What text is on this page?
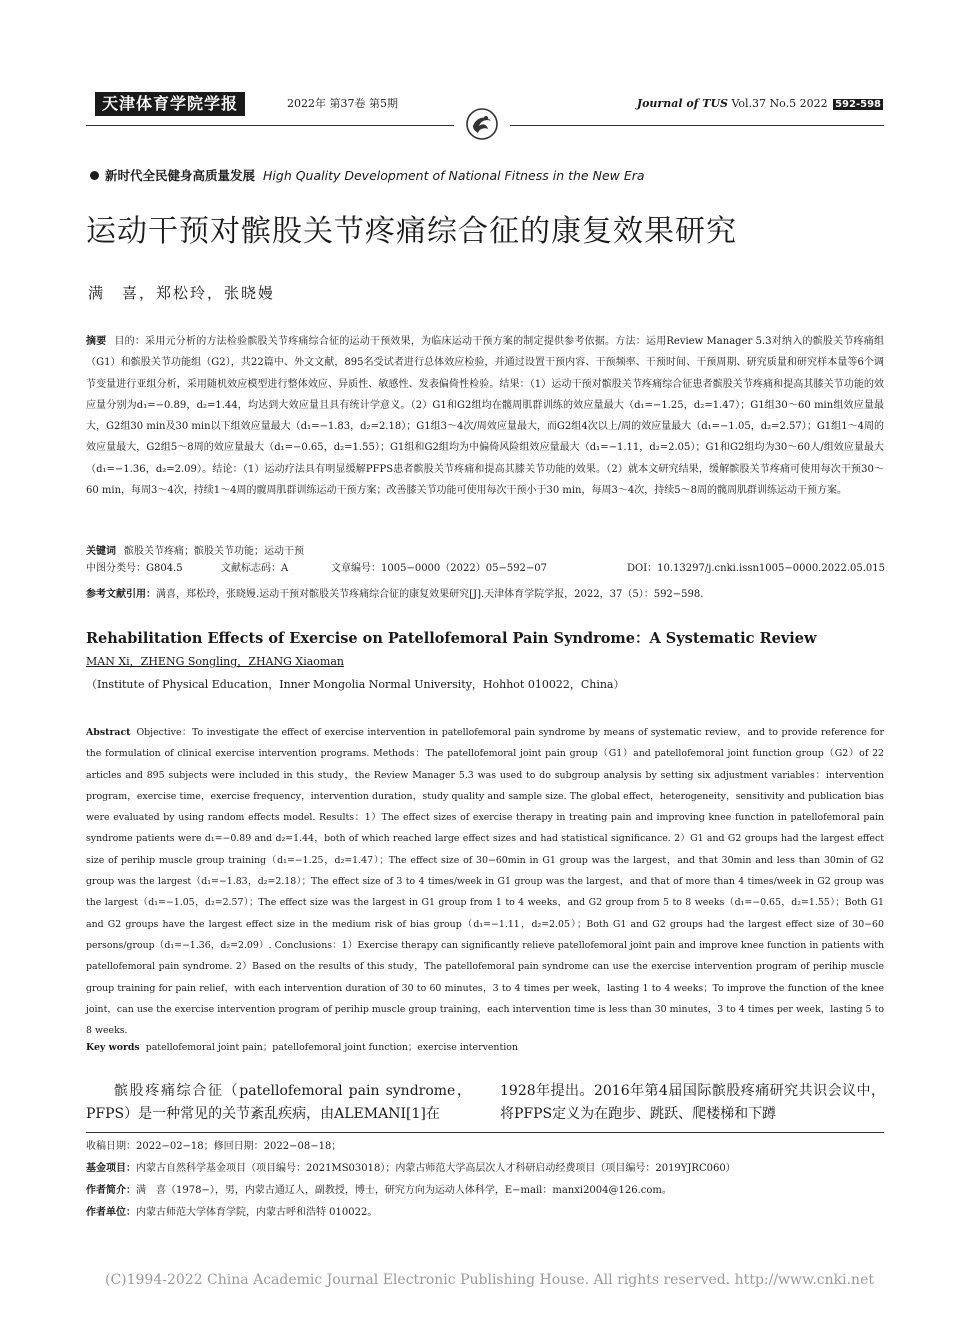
天津体育学院学报	2022年 第37卷 第5期	Journal of TUS Vol.37 No.5 2022 592-598
新时代全民健身高质量发展 High Quality Development of National Fitness in the New Era
运动干预对髌股关节疼痛综合征的康复效果研究
满　喜，郑松玲，张晓嫚
摘要 目的：采用元分析的方法检验髌股关节疼痛综合征的运动干预效果，为临床运动干预方案的制定提供参考依据。方法：运用Review Manager 5.3对纳入的髌股关节疼痛组（G1）和髌股关节功能组（G2），共22篇中、外文文献，895名受试者进行总体效应检验，并通过设置干预内容、干预频率、干预时间、干预周期、研究质量和研究样本量等6个调节变量进行亚组分析，采用随机效应模型进行整体效应、异质性、敏感性、发表偏倚性检验。结果：（1）运动干预对髌股关节疼痛综合征患者髌股关节疼痛和提高其膝关节功能的效应量分别为d₁=−0.89，d₂=1.44，均达到大效应量且具有统计学意义。（2）G1和G2组均在髋周肌群训练的效应量最大（d₁=−1.25，d₂=1.47）；G1组30～60 min组效应量最大，G2组30 min及30 min以下组效应量最大（d₁=−1.83，d₂=2.18）；G1组3～4次/周效应量最大，而G2组4次以上/周的效应量最大（d₁=−1.05，d₂=2.57）；G1组1～4周的效应量最大，G2组5～8周的效应量最大（d₁=−0.65，d₂=1.55）；G1组和G2组均为中偏倚风险组效应量最大（d₁=−1.11，d₂=2.05）；G1和G2组均为30～60人/组效应量最大（d₁=−1.36，d₂=2.09）。结论：（1）运动疗法具有明显缓解PFPS患者髌股关节疼痛和提高其膝关节功能的效果。（2）就本文研究结果，缓解髌股关节疼痛可使用每次干预30～60 min，每周3～4次，持续1～4周的髋周肌群训练运动干预方案；改善膝关节功能可使用每次干预小于30 min，每周3～4次，持续5～8周的髋周肌群训练运动干预方案。
关键词 髌股关节疼痛；髌股关节功能；运动干预
中图分类号：G804.5	文献标志码：A	文章编号：1005−0000（2022）05−592−07	DOI：10.13297/j.cnki.issn1005−0000.2022.05.015
参考文献引用：满喜，郑松玲，张晓嫚.运动干预对髌股关节疼痛综合征的康复效果研究[J].天津体育学院学报，2022，37（5）：592−598.
Rehabilitation Effects of Exercise on Patellofemoral Pain Syndrome：A Systematic Review
MAN Xi，ZHENG Songling，ZHANG Xiaoman
（Institute of Physical Education，Inner Mongolia Normal University，Hohhot 010022，China）
Abstract Objective：To investigate the effect of exercise intervention in patellofemoral pain syndrome by means of systematic review，and to provide reference for the formulation of clinical exercise intervention programs. Methods：The patellofemoral joint pain group（G1）and patellofemoral joint function group（G2）of 22 articles and 895 subjects were included in this study，the Review Manager 5.3 was used to do subgroup analysis by setting six adjustment variables：intervention program，exercise time，exercise frequency，intervention duration，study quality and sample size. The global effect，heterogeneity，sensitivity and publication bias were evaluated by using random effects model. Results：1）The effect sizes of exercise therapy in treating pain and improving knee function in patellofemoral pain syndrome patients were d₁=−0.89 and d₂=1.44，both of which reached large effect sizes and had statistical significance. 2）G1 and G2 groups had the largest effect size of perihip muscle group training（d₁=−1.25，d₂=1.47）；The effect size of 30−60min in G1 group was the largest，and that 30min and less than 30min of G2 group was the largest（d₁=−1.83，d₂=2.18）；The effect size of 3 to 4 times/week in G1 group was the largest，and that of more than 4 times/week in G2 group was the largest（d₁=−1.05，d₂=2.57）；The effect size was the largest in G1 group from 1 to 4 weeks，and G2 group from 5 to 8 weeks（d₁=−0.65，d₂=1.55）；Both G1 and G2 groups have the largest effect size in the medium risk of bias group（d₁=−1.11，d₂=2.05）；Both G1 and G2 groups had the largest effect size of 30−60 persons/group（d₁=−1.36，d₂=2.09）. Conclusions：1）Exercise therapy can significantly relieve patellofemoral joint pain and improve knee function in patients with patellofemoral pain syndrome. 2）Based on the results of this study，The patellofemoral pain syndrome can use the exercise intervention program of perihip muscle group training for pain relief，with each intervention duration of 30 to 60 minutes，3 to 4 times per week，lasting 1 to 4 weeks；To improve the function of the knee joint，can use the exercise intervention program of perihip muscle group training，each intervention time is less than 30 minutes，3 to 4 times per week，lasting 5 to 8 weeks.
Key words patellofemoral joint pain；patellofemoral joint function；exercise intervention
髌股疼痛综合征（patellofemoral pain syndrome，PFPS）是一种常见的关节紊乱疾病，由ALEMANI[1]在
1928年提出。2016年第4届国际髌股疼痛研究共识会议中，将PFPS定义为在跑步、跳跃、爬楼梯和下蹲
收稿日期：2022−02−18；修回日期：2022−08−18；
基金项目：内蒙古自然科学基金项目（项目编号：2021MS03018）；内蒙古师范大学高层次人才科研启动经费项目（项目编号：2019YJRC060）
作者简介：满　喜（1978−），男，内蒙古通辽人，副教授，博士，研究方向为运动人体科学，E−mail：manxi2004@126.com。
作者单位：内蒙古师范大学体育学院，内蒙古呼和浩特 010022。
(C)1994-2022 China Academic Journal Electronic Publishing House. All rights reserved. http://www.cnki.net
